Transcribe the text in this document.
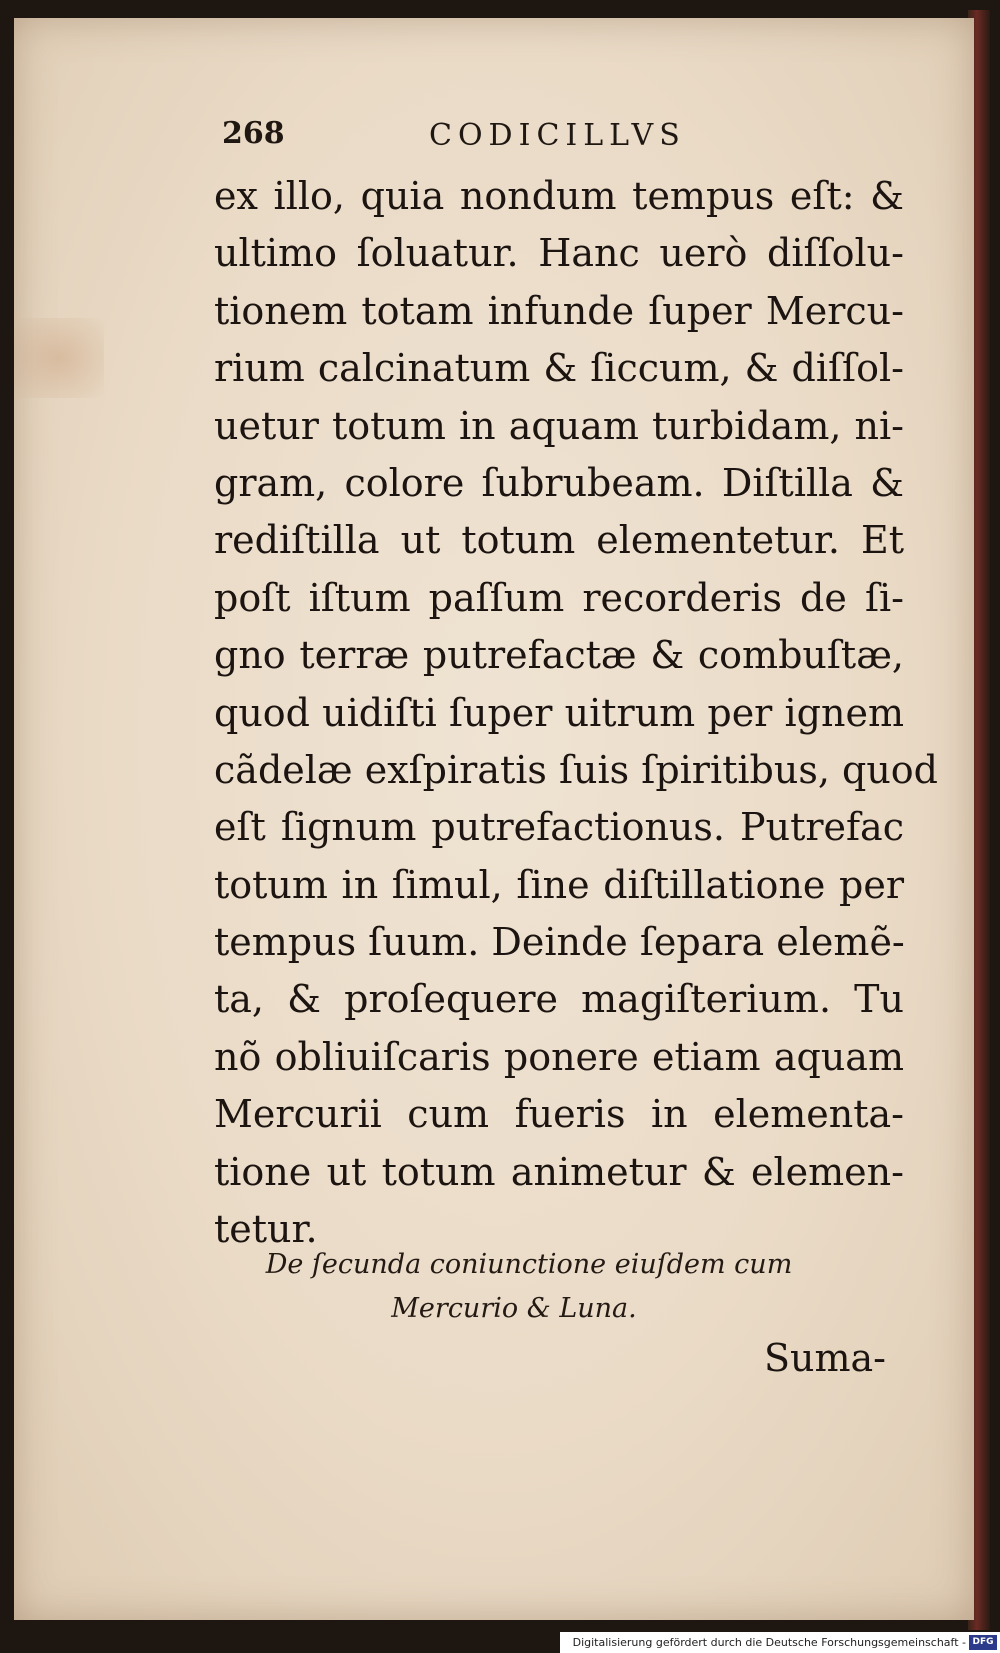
268	CODICILLVS
ex illo, quia nondum tempus eſt: &
ultimo ſoluatur. Hanc uerò diſſolu-
tionem totam infunde ſuper Mercu-
rium calcinatum & ſiccum, & diſſol-
uetur totum in aquam turbidam, ni-
gram, colore ſubrubeam. Diſtilla &
rediſtilla ut totum elementetur. Et
poſt iſtum paſſum recorderis de ſi-
gno terræ putrefactæ & combuſtæ,
quod uidiſti ſuper uitrum per ignem
cãdelæ exſpiratis ſuis ſpiritibus, quod
eſt ſignum putrefactionus. Putrefac
totum in ſimul, ſine diſtillatione per
tempus ſuum. Deinde ſepara elemẽ-
ta, & proſequere magiſterium. Tu
nõ obliuiſcaris ponere etiam aquam
Mercurii cum fueris in elementa-
tione ut totum animetur & elemen-
tetur.
De ſecunda coniunctione eiuſdem cum
Mercurio & Luna.
Suma-
Digitalisierung gefördert durch die Deutsche Forschungsgemeinschaft - DFG
